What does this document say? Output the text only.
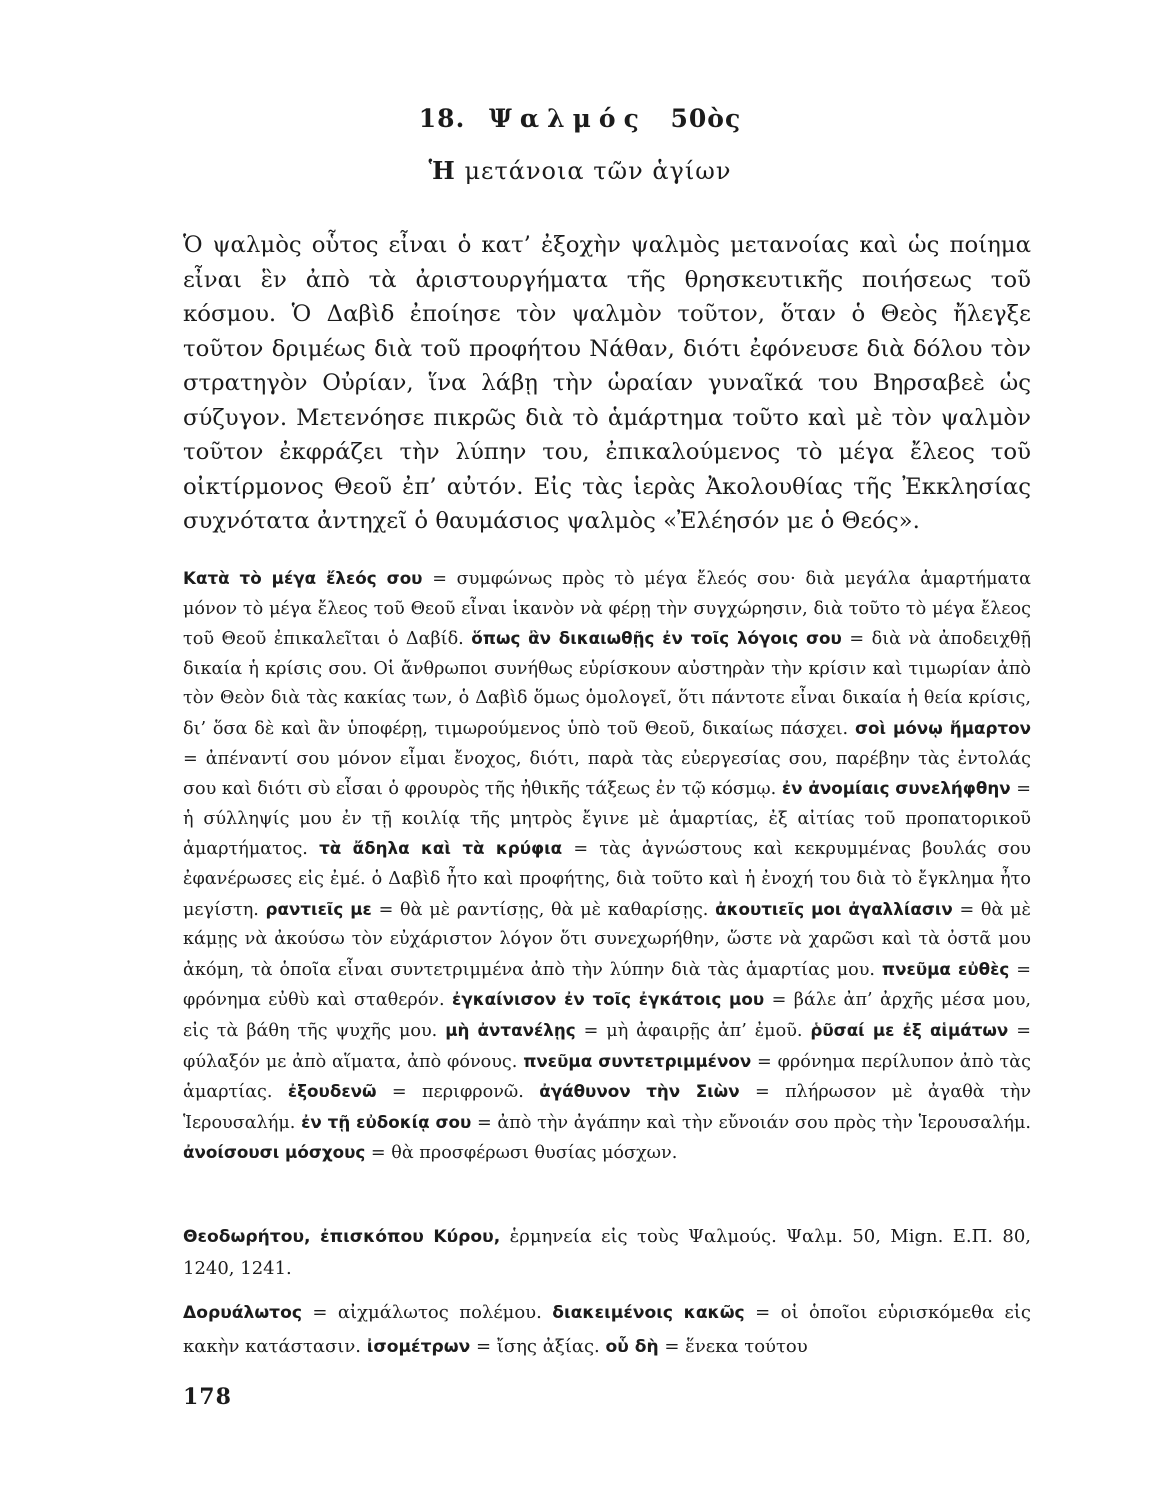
18. Ψαλμός 50ὸς
Ἡ μετάνοια τῶν ἁγίων

Ὁ ψαλμὸς οὗτος εἶναι ὁ κατ’ ἐξοχὴν ψαλμὸς μετανοίας καὶ ὡς ποίημα εἶναι ἓν ἀπὸ τὰ ἀριστουργήματα τῆς θρησκευτικῆς ποιήσεως τοῦ κόσμου. Ὁ Δαβὶδ ἐποίησε τὸν ψαλμὸν τοῦτον, ὅταν ὁ Θεὸς ἤλεγξε τοῦτον δριμέως διὰ τοῦ προφήτου Νάθαν, διότι ἐφόνευσε διὰ δόλου τὸν στρατηγὸν Οὐρίαν, ἵνα λάβῃ τὴν ὡραίαν γυναῖκά του Βηρσαβεὲ ὡς σύζυγον. Μετενόησε πικρῶς διὰ τὸ ἁμάρτημα τοῦτο καὶ μὲ τὸν ψαλμὸν τοῦτον ἐκφράζει τὴν λύπην του, ἐπικαλούμενος τὸ μέγα ἔλεος τοῦ οἰκτίρμονος Θεοῦ ἐπ’ αὐτόν. Εἰς τὰς ἱερὰς Ἀκολουθίας τῆς Ἐκκλησίας συχνότατα ἀντηχεῖ ὁ θαυμάσιος ψαλμὸς «Ἐλέησόν με ὁ Θεός».

Κατὰ τὸ μέγα ἔλεός σου = συμφώνως πρὸς τὸ μέγα ἔλεός σου· διὰ μεγάλα ἁμαρτήματα μόνον τὸ μέγα ἔλεος τοῦ Θεοῦ εἶναι ἱκανὸν νὰ φέρῃ τὴν συγχώρησιν, διὰ τοῦτο τὸ μέγα ἔλεος τοῦ Θεοῦ ἐπικαλεῖται ὁ Δαβίδ. ὅπως ἂν δικαιωθῇς ἐν τοῖς λόγοις σου = διὰ νὰ ἀποδειχθῇ δικαία ἡ κρίσις σου. Οἱ ἄνθρωποι συνήθως εὑρίσκουν αὐστηρὰν τὴν κρίσιν καὶ τιμωρίαν ἀπὸ τὸν Θεὸν διὰ τὰς κακίας των, ὁ Δαβὶδ ὅμως ὁμολογεῖ, ὅτι πάντοτε εἶναι δικαία ἡ θεία κρίσις, δι’ ὅσα δὲ καὶ ἂν ὑποφέρῃ, τιμωρούμενος ὑπὸ τοῦ Θεοῦ, δικαίως πάσχει. σοὶ μόνῳ ἥμαρτον = ἀπέναντί σου μόνον εἶμαι ἔνοχος, διότι, παρὰ τὰς εὐεργεσίας σου, παρέβην τὰς ἐντολάς σου καὶ διότι σὺ εἶσαι ὁ φρουρὸς τῆς ἠθικῆς τάξεως ἐν τῷ κόσμῳ. ἐν ἀνομίαις συνελήφθην = ἡ σύλληψίς μου ἐν τῇ κοιλίᾳ τῆς μητρὸς ἔγινε μὲ ἁμαρτίας, ἐξ αἰτίας τοῦ προπατορικοῦ ἁμαρτήματος. τὰ ἄδηλα καὶ τὰ κρύφια = τὰς ἀγνώστους καὶ κεκρυμμένας βουλάς σου ἐφανέρωσες εἰς ἐμέ. ὁ Δαβὶδ ἦτο καὶ προφήτης, διὰ τοῦτο καὶ ἡ ἐνοχή του διὰ τὸ ἔγκλημα ἦτο μεγίστη. ραντιεῖς με = θὰ μὲ ραντίσῃς, θὰ μὲ καθαρίσῃς. ἀκουτιεῖς μοι ἀγαλλίασιν = θὰ μὲ κάμῃς νὰ ἀκούσω τὸν εὐχάριστον λόγον ὅτι συνεχωρήθην, ὥστε νὰ χαρῶσι καὶ τὰ ὀστᾶ μου ἀκόμη, τὰ ὁποῖα εἶναι συντετριμμένα ἀπὸ τὴν λύπην διὰ τὰς ἁμαρτίας μου. πνεῦμα εὐθὲς = φρόνημα εὐθὺ καὶ σταθερόν. ἐγκαίνισον ἐν τοῖς ἐγκάτοις μου = βάλε ἀπ’ ἀρχῆς μέσα μου, εἰς τὰ βάθη τῆς ψυχῆς μου. μὴ ἀντανέλῃς = μὴ ἀφαιρῇς ἀπ’ ἐμοῦ. ῥῦσαί με ἐξ αἱμάτων = φύλαξόν με ἀπὸ αἵματα, ἀπὸ φόνους. πνεῦμα συντετριμμένον = φρόνημα περίλυπον ἀπὸ τὰς ἁμαρτίας. ἐξουδενῶ = περιφρονῶ. ἀγάθυνον τὴν Σιὼν = πλήρωσον μὲ ἀγαθὰ τὴν Ἱερουσαλήμ. ἐν τῇ εὐδοκίᾳ σου = ἀπὸ τὴν ἀγάπην καὶ τὴν εὔνοιάν σου πρὸς τὴν Ἱερουσαλήμ. ἀνοίσουσι μόσχους = θὰ προσφέρωσι θυσίας μόσχων.

Θεοδωρήτου, ἐπισκόπου Κύρου, ἑρμηνεία εἰς τοὺς Ψαλμούς. Ψαλμ. 50, Mign. E.Π. 80, 1240, 1241.

Δορυάλωτος = αἰχμάλωτος πολέμου. διακειμένοις κακῶς = οἱ ὁποῖοι εὑρισκόμεθα εἰς κακὴν κατάστασιν. ἰσομέτρων = ἴσης ἀξίας. οὗ δὴ = ἕνεκα τούτου

178
